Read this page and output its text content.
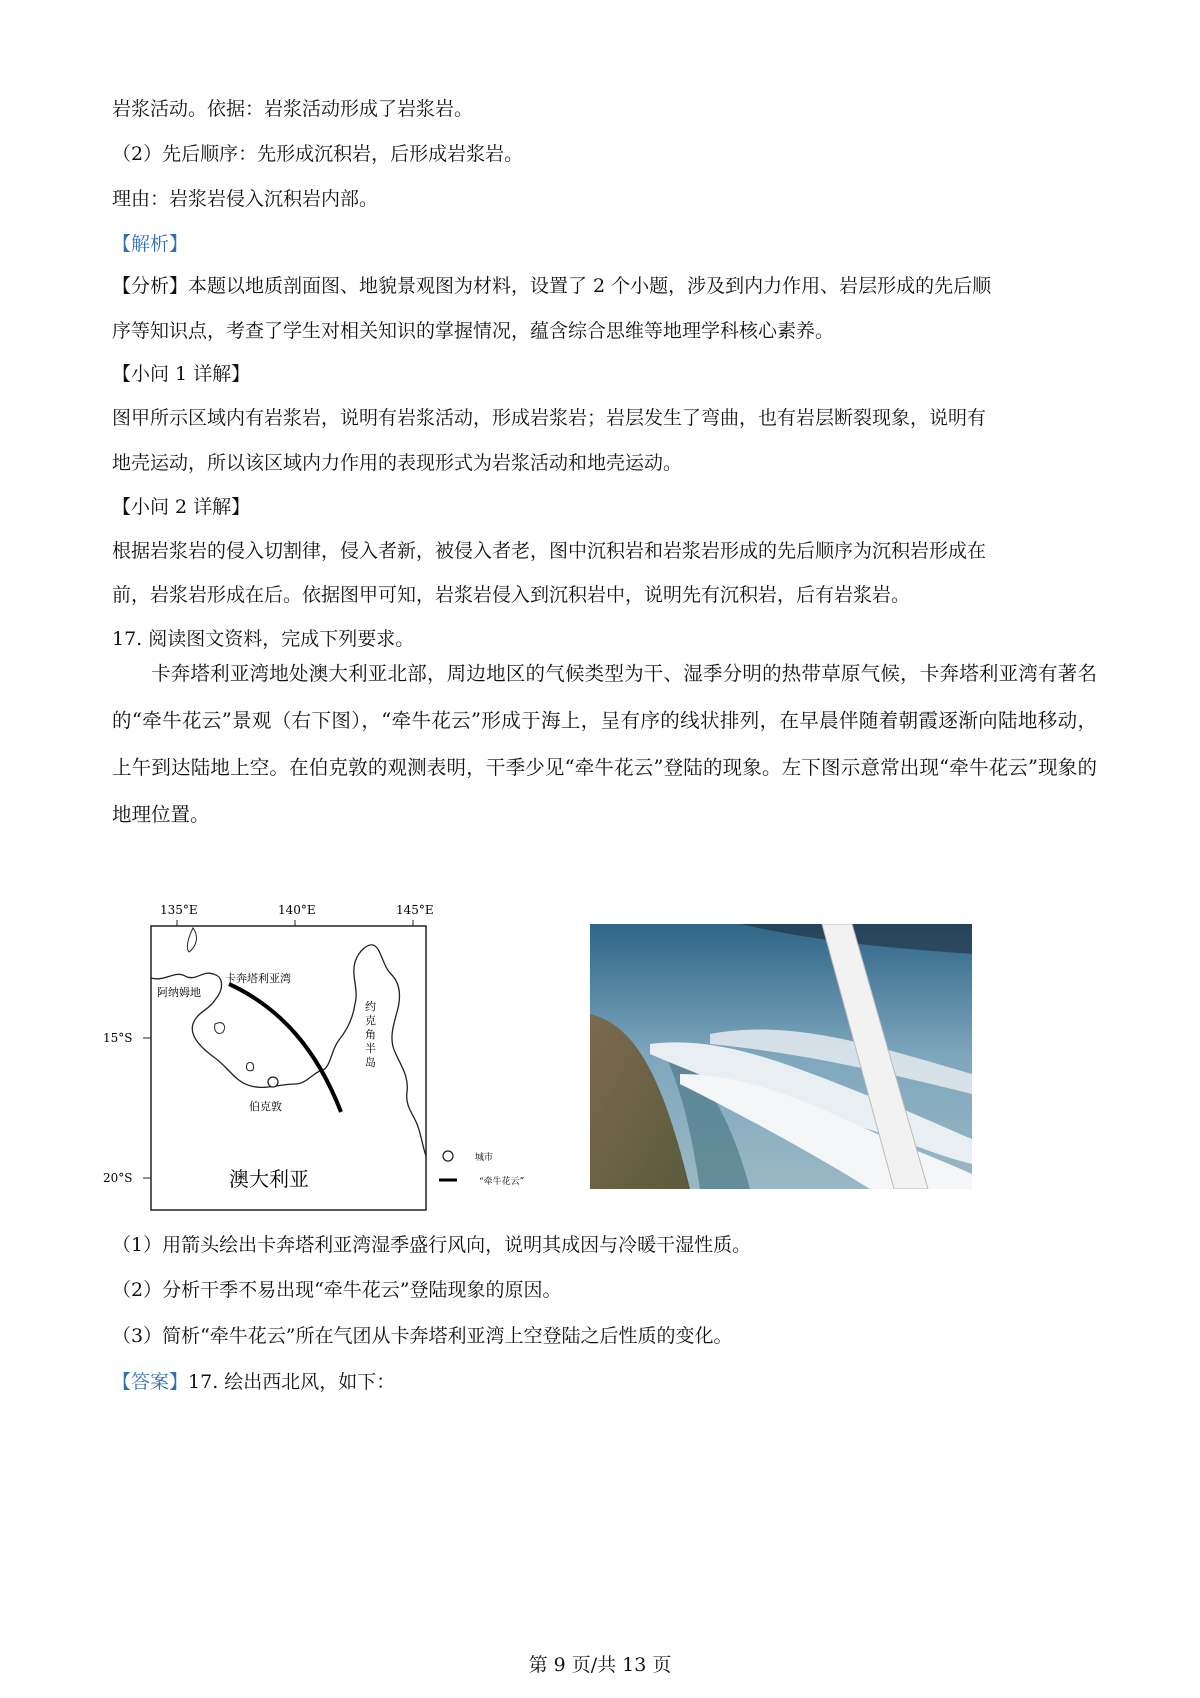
岩浆活动。依据：岩浆活动形成了岩浆岩。
（2）先后顺序：先形成沉积岩，后形成岩浆岩。
理由：岩浆岩侵入沉积岩内部。
【解析】
【分析】本题以地质剖面图、地貌景观图为材料，设置了 2 个小题，涉及到内力作用、岩层形成的先后顺
序等知识点，考查了学生对相关知识的掌握情况，蕴含综合思维等地理学科核心素养。
【小问 1 详解】
图甲所示区域内有岩浆岩，说明有岩浆活动，形成岩浆岩；岩层发生了弯曲，也有岩层断裂现象，说明有
地壳运动，所以该区域内力作用的表现形式为岩浆活动和地壳运动。
【小问 2 详解】
根据岩浆岩的侵入切割律，侵入者新，被侵入者老，图中沉积岩和岩浆岩形成的先后顺序为沉积岩形成在
前，岩浆岩形成在后。依据图甲可知，岩浆岩侵入到沉积岩中，说明先有沉积岩，后有岩浆岩。
17. 阅读图文资料，完成下列要求。
卡奔塔利亚湾地处澳大利亚北部，周边地区的气候类型为干、湿季分明的热带草原气候，卡奔塔利亚湾有著名的“牵牛花云”景观（右下图），“牵牛花云”形成于海上，呈有序的线状排列，在早晨伴随着朝霞逐渐向陆地移动，上午到达陆地上空。在伯克敦的观测表明，干季少见“牵牛花云”登陆的现象。左下图示意常出现“牵牛花云”现象的地理位置。
135°E	140°E	145°E
15°S
20°S
阿纳姆地
卡奔塔利亚湾
约
克
角
半
岛
伯克敦
澳大利亚
城市
“牵牛花云”
（1）用箭头绘出卡奔塔利亚湾湿季盛行风向，说明其成因与冷暖干湿性质。
（2）分析干季不易出现“牵牛花云”登陆现象的原因。
（3）简析“牵牛花云”所在气团从卡奔塔利亚湾上空登陆之后性质的变化。
【答案】17. 绘出西北风，如下：
第 9 页/共 13 页
